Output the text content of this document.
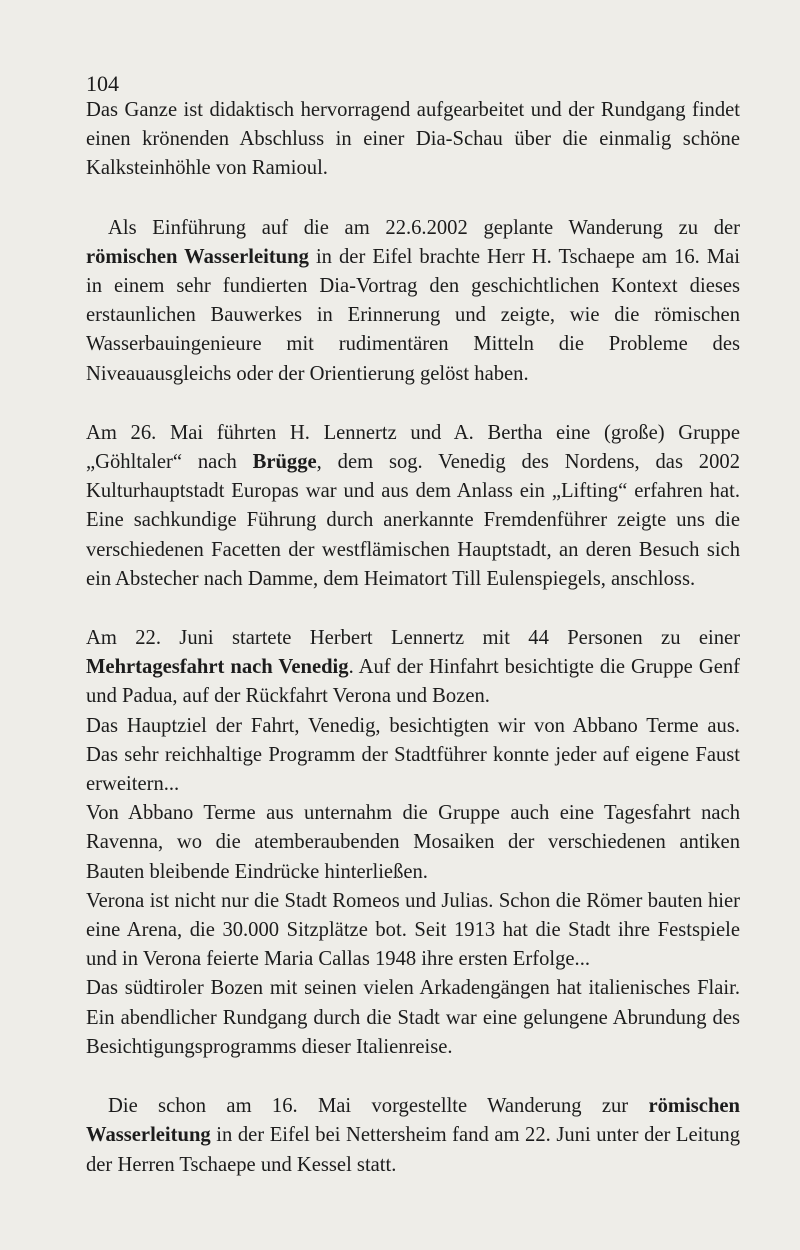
104

Das Ganze ist didaktisch hervorragend aufgearbeitet und der Rundgang findet einen krönenden Abschluss in einer Dia-Schau über die einmalig schöne Kalksteinhöhle von Ramioul.

Als Einführung auf die am 22.6.2002 geplante Wanderung zu der römischen Wasserleitung in der Eifel brachte Herr H. Tschaepe am 16. Mai in einem sehr fundierten Dia-Vortrag den geschichtlichen Kontext dieses erstaunlichen Bauwerkes in Erinnerung und zeigte, wie die römischen Wasserbauingenieure mit rudimentären Mitteln die Probleme des Niveauausgleichs oder der Orientierung gelöst haben.

Am 26. Mai führten H. Lennertz und A. Bertha eine (große) Gruppe „Göhltaler“ nach Brügge, dem sog. Venedig des Nordens, das 2002 Kulturhauptstadt Europas war und aus dem Anlass ein „Lifting“ erfahren hat. Eine sachkundige Führung durch anerkannte Fremdenführer zeigte uns die verschiedenen Facetten der westflämischen Hauptstadt, an deren Besuch sich ein Abstecher nach Damme, dem Heimatort Till Eulenspiegels, anschloss.

Am 22. Juni startete Herbert Lennertz mit 44 Personen zu einer Mehrtagesfahrt nach Venedig. Auf der Hinfahrt besichtigte die Gruppe Genf und Padua, auf der Rückfahrt Verona und Bozen.

Das Hauptziel der Fahrt, Venedig, besichtigten wir von Abbano Terme aus. Das sehr reichhaltige Programm der Stadtführer konnte jeder auf eigene Faust erweitern...

Von Abbano Terme aus unternahm die Gruppe auch eine Tagesfahrt nach Ravenna, wo die atemberaubenden Mosaiken der verschiedenen antiken Bauten bleibende Eindrücke hinterließen.

Verona ist nicht nur die Stadt Romeos und Julias. Schon die Römer bauten hier eine Arena, die 30.000 Sitzplätze bot. Seit 1913 hat die Stadt ihre Festspiele und in Verona feierte Maria Callas 1948 ihre ersten Erfolge...

Das südtiroler Bozen mit seinen vielen Arkadengängen hat italienisches Flair. Ein abendlicher Rundgang durch die Stadt war eine gelungene Abrundung des Besichtigungsprogramms dieser Italienreise.

Die schon am 16. Mai vorgestellte Wanderung zur römischen Wasserleitung in der Eifel bei Nettersheim fand am 22. Juni unter der Leitung der Herren Tschaepe und Kessel statt.
